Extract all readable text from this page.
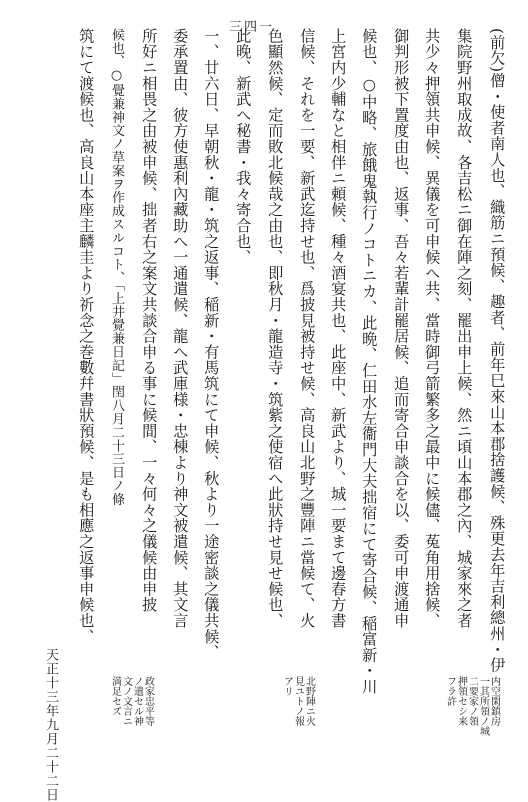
三四一
(前欠)僧・使者南人也、織筋ニ預候、趣者、前年巳來山本郡捨護候、殊更去年吉利總州・伊
集院野州取成故、各吉松ニ御在陣之刻、罷出申上候、然ニ頃山本郡之內、城家來之者
共少々押領共申候、異儀を可申候へ共、當時御弓箭繁多之最中に候儘、菟角用捨候、
御判形被下置度由也、返事、吾々若輩計罷居候、追而寄合申談合を以、委可申渡通申
候也、○中略、旅餓鬼執行ノコトニカ、此晩、仁田水左衞門大夫拙宿にて寄合候、稲富新・川
上宮内少輔なと相伴ニ頼候、種々酒宴共也、此座中、新武より、城一要まて邊春方書
信候、それを一要、新武迄持せ也、爲披見被持せ候、高良山北野之豐陣ニ當候て、火
色顯然候、定而敗北候哉之由也、即秋月・龍造寺・筑紫之使宿へ此狀持せ見せ候也、
此晚、新武へ秘書・我々寄合也、
一、廿六日、早朝秋・龍・筑之返事、稲新・有馬筑にて申候、秋より一途密談之儀共候、
委承置由、彼方使惠利內藏助へ一通遣候、龍へ武庫様・忠棟より神文被遣候、其文言
所好ニ相畏之由被申候、拙者右之案文共談合申る事に候間、一々何々之儀候由申披
候也、○覺兼神文ノ草案ヲ作成スルコト、「上井覺兼日記」閏八月二十三日ノ條
筑にて渡候也、高良山本座主麟圭より祈念之巻數幷書狀預候、是も相應之返事申候也、
天正十三年九月二十二日	内空閑鎮房
一其所領ノ城
二要家ノ領
押領セシ来
フラ許
政家忠平等
ノ遺セル神
文ノ文言ニ
満足セズ	北野陣ニ火
見ユトノ報
アリ
